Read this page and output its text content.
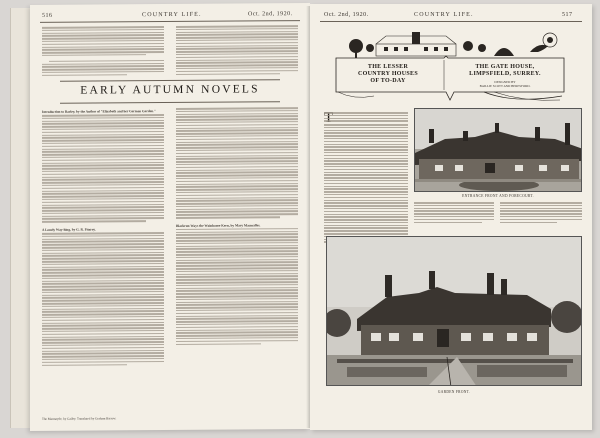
516	COUNTRY LIFE.	Oct. 2nd, 1920.
EARLY AUTUMN NOVELS
Introduction to Barley, by the Author of "Elizabeth and her German Garden."
A Lonely Way-hing, by G. R. Fitzroy.
Blackrun Ways the Wainhouse Kern, by Mary Macmalles.
The Marmayde, by Gailey. Translated by Graham Barrow.
Oct. 2nd, 1920.	COUNTRY LIFE.	517
THE LESSER
COUNTRY HOUSES
OF TO-DAY
THE GATE HOUSE,
LIMPSFIELD, SURREY.
DESIGNED BY
BAILLIE SCOTT AND BERESFORD.
ENTRANCE FRONT AND FORECOURT.
GARDEN FRONT.
